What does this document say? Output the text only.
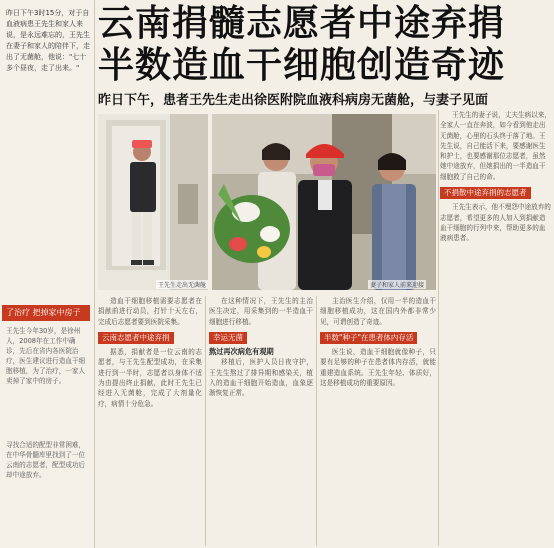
昨日下午3时15分，对于自血液病患王先生和家人来说，是永远难忘的，王先生在妻子和家人的陪伴下，走出了无菌舱，他说："七十多个昼夜，走了出来。"
了治疗 把掉家中房子
王先生今年30岁，是徐州人，2008年在工作中确诊，先后在省内各医院治疗，医生建议进行造血干细胞移植，为了治疗，一家人卖掉了家中的房子。
寻找合适的配型非常困难，在中华骨髓库里找到了一位云南的志愿者，配型成功后却中途放弃。
云南捐髓志愿者中途弃捐
半数造血干细胞创造奇迹
昨日下午，患者王先生走出徐医附院血液科病房无菌舱，与妻子见面
王先生走出无菌舱	妻子和家人前来迎接

造血干细胞移植需要志愿者在捐献前进行动员，打针十天左右，完成后志愿者要到医院采集。

云南志愿者中途弃捐

据悉，捐献者是一位云南的志愿者，与王先生配型成功，在采集进行到一半时，志愿者以身体不适为由提出终止捐献，此时王先生已经进入无菌舱，完成了大剂量化疗，病情十分危急。

在这种情况下，王先生的主治医生决定，用采集到的一半造血干细胞进行移植。

幸运无菌
熬过再次病危有观期

移植后，医护人员日夜守护，王先生熬过了排异期和感染关，植入的造血干细胞开始造血，血象逐渐恢复正常。

主治医生介绍，仅用一半的造血干细胞移植成功，这在国内外都非常少见，可谓创造了奇迹。

半数"种子"在患者体内存活

医生说，造血干细胞就像种子，只要有足够的种子在患者体内存活，就能重建造血系统。王先生年轻、体质好，这是移植成功的重要原因。

王先生的妻子说，丈夫生病以来，全家人一直在奔波，如今看到他走出无菌舱，心里的石头终于落了地。王先生说，自己能活下来，要感谢医生和护士，也要感谢那位志愿者，虽然她中途放弃，但她捐出的一半造血干细胞救了自己的命。

不捐散中途弃捐的志愿者

王先生表示，他不埋怨中途放弃的志愿者，希望更多的人加入到捐献造血干细胞的行列中来，帮助更多的血液病患者。
